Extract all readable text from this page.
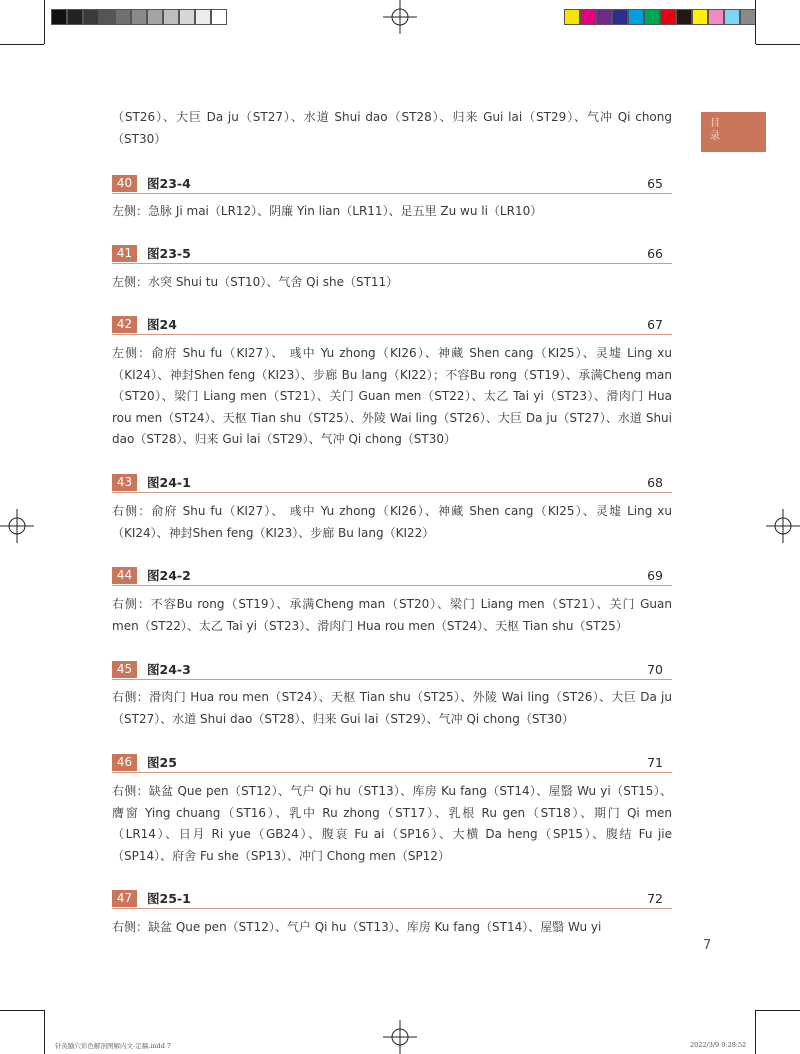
目
录

（ST26）、大巨 Da ju（ST27）、水道 Shui dao（ST28）、归来 Gui lai（ST29）、气冲 Qi chong（ST30）

40	图23-4	65

左侧：急脉 Ji mai（LR12）、阴廉 Yin lian（LR11）、足五里 Zu wu li（LR10）

41	图23-5	66

左侧：水突 Shui tu（ST10）、气舍 Qi she（ST11）

42	图24	67

左侧：俞府 Shu fu（KI27）、 彧中 Yu zhong（KI26）、神藏 Shen cang（KI25）、灵墟 Ling xu（KI24）、神封Shen feng（KI23）、步廊 Bu lang（KI22）；不容Bu rong（ST19）、承满Cheng man（ST20）、梁门 Liang men（ST21）、关门 Guan men（ST22）、太乙 Tai yi（ST23）、滑肉门 Hua rou men（ST24）、天枢 Tian shu（ST25）、外陵 Wai ling（ST26）、大巨 Da ju（ST27）、水道 Shui dao（ST28）、归来 Gui lai（ST29）、气冲 Qi chong（ST30）

43	图24-1	68

右侧：俞府 Shu fu（KI27）、 彧中 Yu zhong（KI26）、神藏 Shen cang（KI25）、灵墟 Ling xu（KI24）、神封Shen feng（KI23）、步廊 Bu lang（KI22）

44	图24-2	69

右侧：不容Bu rong（ST19）、承满Cheng man（ST20）、梁门 Liang men（ST21）、关门 Guan men（ST22）、太乙 Tai yi（ST23）、滑肉门 Hua rou men（ST24）、天枢 Tian shu（ST25）

45	图24-3	70

右侧：滑肉门 Hua rou men（ST24）、天枢 Tian shu（ST25）、外陵 Wai ling（ST26）、大巨 Da ju（ST27）、水道 Shui dao（ST28）、归来 Gui lai（ST29）、气冲 Qi chong（ST30）

46	图25	71

右侧：缺盆 Que pen（ST12）、气户 Qi hu（ST13）、库房 Ku fang（ST14）、屋翳 Wu yi（ST15）、膺窗 Ying chuang（ST16）、乳中 Ru zhong（ST17）、乳根 Ru gen（ST18）、期门 Qi men（LR14）、日月 Ri yue（GB24）、腹哀 Fu ai（SP16）、大横 Da heng（SP15）、腹结 Fu jie（SP14）、府舍 Fu she（SP13）、冲门 Chong men（SP12）

47	图25-1	72

右侧：缺盆 Que pen（ST12）、气户 Qi hu（ST13）、库房 Ku fang（ST14）、屋翳 Wu yi

7
针灸腧穴彩色解剖图解内文-定稿.indd 7	2022/3/9 9:28:52
